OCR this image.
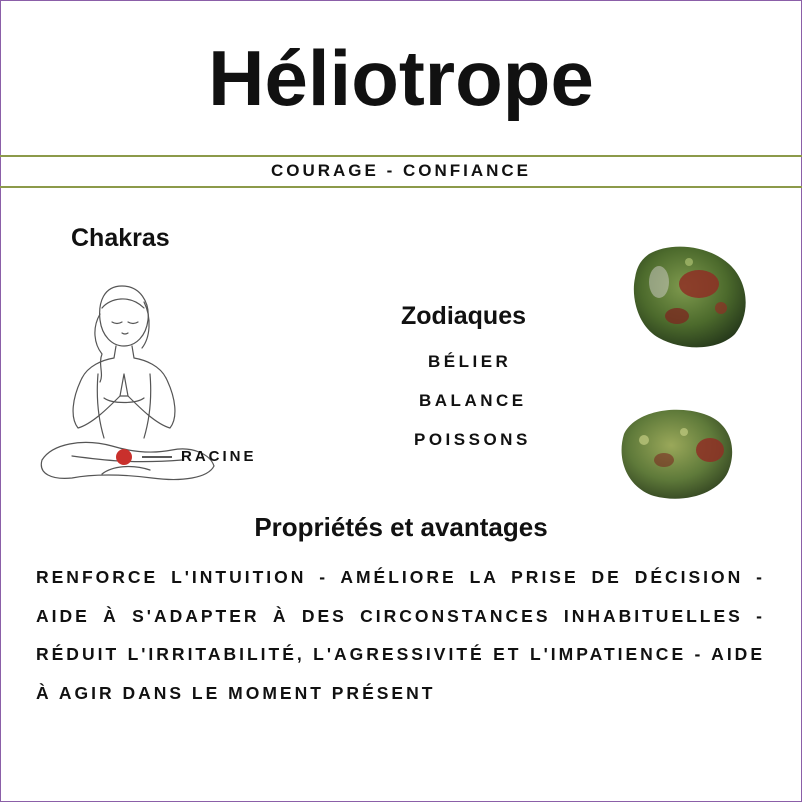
Héliotrope
COURAGE - CONFIANCE
Chakras
RACINE
Zodiaques
BÉLIER
BALANCE
POISSONS
Propriétés et avantages
RENFORCE L'INTUITION - AMÉLIORE LA PRISE DE DÉCISION - AIDE À S'ADAPTER À DES CIRCONSTANCES INHABITUELLES - RÉDUIT L'IRRITABILITÉ, L'AGRESSIVITÉ ET L'IMPATIENCE - AIDE À AGIR DANS LE MOMENT PRÉSENT
